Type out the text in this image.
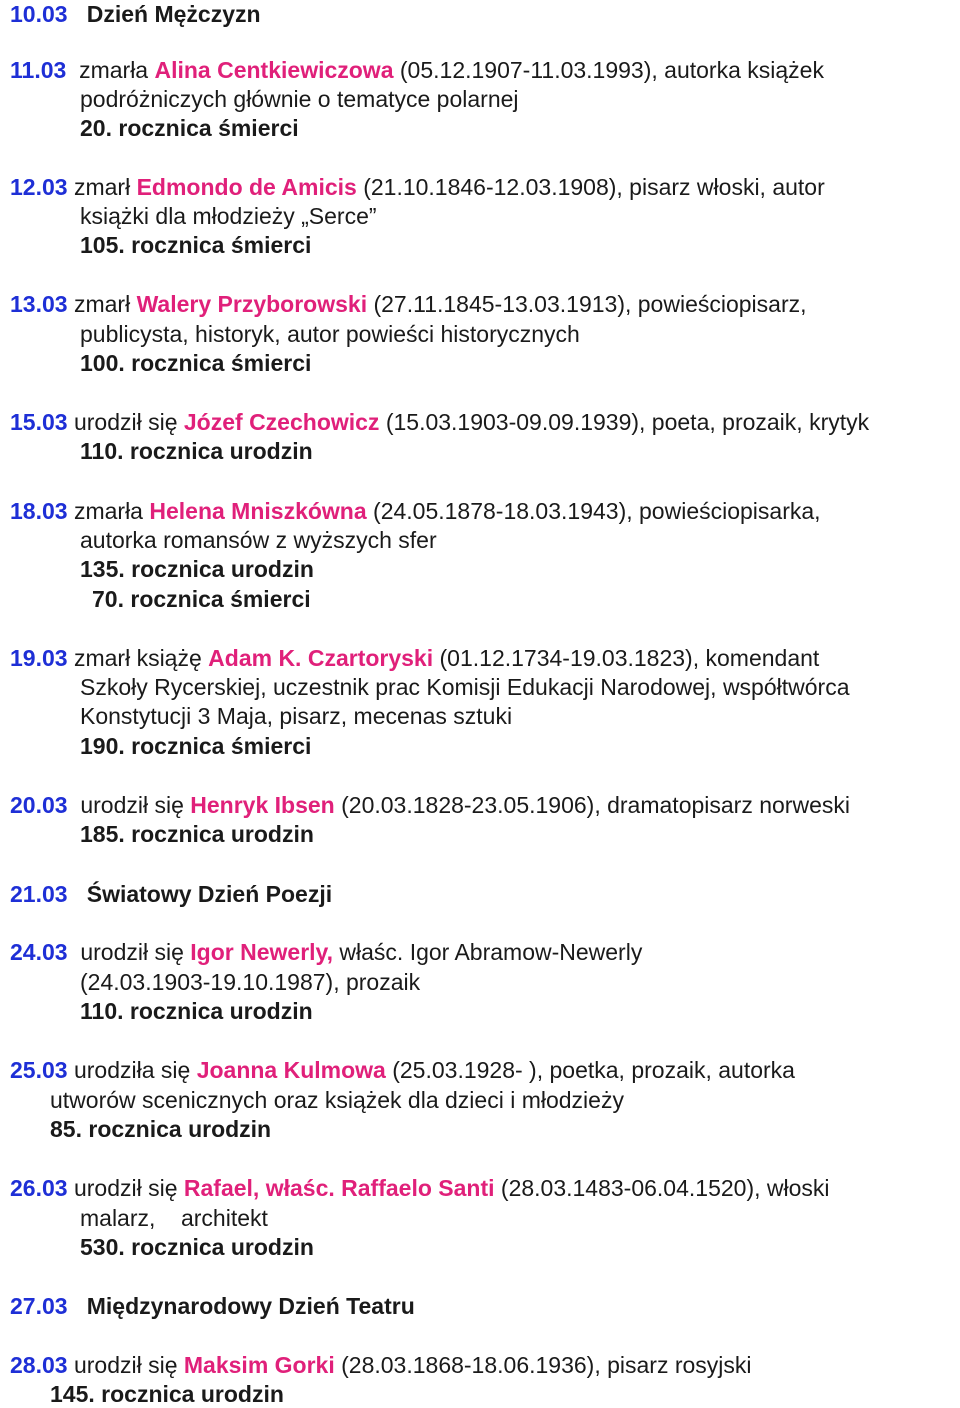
10.03 Dzień Mężczyzn
11.03 zmarła Alina Centkiewiczowa (05.12.1907-11.03.1993), autorka książek
podróżniczych głównie o tematyce polarnej
20. rocznica śmierci
12.03 zmarł Edmondo de Amicis (21.10.1846-12.03.1908), pisarz włoski, autor
książki dla młodzieży „Serce”
105. rocznica śmierci
13.03 zmarł Walery Przyborowski (27.11.1845-13.03.1913), powieściopisarz,
publicysta, historyk, autor powieści historycznych
100. rocznica śmierci
15.03 urodził się Józef Czechowicz (15.03.1903-09.09.1939), poeta, prozaik, krytyk
110. rocznica urodzin
18.03 zmarła Helena Mniszkówna (24.05.1878-18.03.1943), powieściopisarka,
autorka romansów z wyższych sfer
135. rocznica urodzin
70. rocznica śmierci
19.03 zmarł książę Adam K. Czartoryski (01.12.1734-19.03.1823), komendant
Szkoły Rycerskiej, uczestnik prac Komisji Edukacji Narodowej, współtwórca
Konstytucji 3 Maja, pisarz, mecenas sztuki
190. rocznica śmierci
20.03 urodził się Henryk Ibsen (20.03.1828-23.05.1906), dramatopisarz norweski
185. rocznica urodzin
21.03 Światowy Dzień Poezji
24.03 urodził się Igor Newerly, właśc. Igor Abramow-Newerly
(24.03.1903-19.10.1987), prozaik
110. rocznica urodzin
25.03 urodziła się Joanna Kulmowa (25.03.1928- ), poetka, prozaik, autorka
utworów scenicznych oraz książek dla dzieci i młodzieży
85. rocznica urodzin
26.03 urodził się Rafael, właśc. Raffaelo Santi (28.03.1483-06.04.1520), włoski
malarz,    architekt
530. rocznica urodzin
27.03 Międzynarodowy Dzień Teatru
28.03 urodził się Maksim Gorki (28.03.1868-18.06.1936), pisarz rosyjski
145. rocznica urodzin
